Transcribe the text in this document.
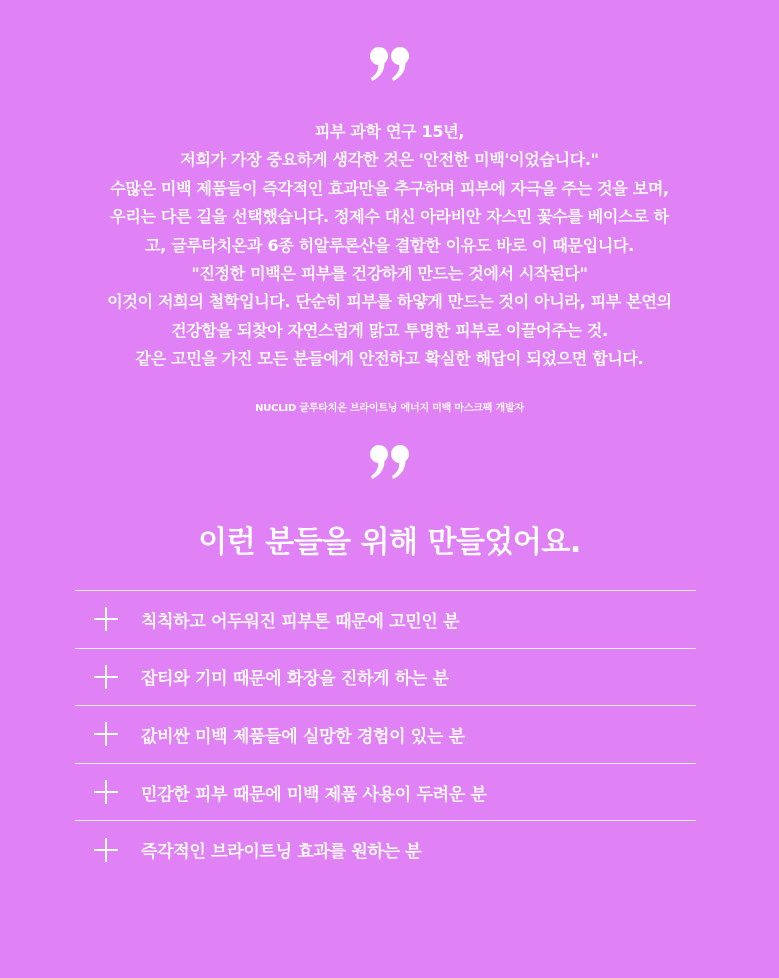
피부 과학 연구 15년,
저희가 가장 중요하게 생각한 것은 '안전한 미백'이었습니다."
수많은 미백 제품들이 즉각적인 효과만을 추구하며 피부에 자극을 주는 것을 보며,
우리는 다른 길을 선택했습니다. 정제수 대신 아라비안 자스민 꽃수를 베이스로 하
고, 글루타치온과 6종 히알루론산을 결합한 이유도 바로 이 때문입니다.
"진정한 미백은 피부를 건강하게 만드는 것에서 시작된다"
이것이 저희의 철학입니다. 단순히 피부를 하얗게 만드는 것이 아니라, 피부 본연의
건강함을 되찾아 자연스럽게 맑고 투명한 피부로 이끌어주는 것.
같은 고민을 가진 모든 분들에게 안전하고 확실한 해답이 되었으면 합니다.
NUCLID 글루타치온 브라이트닝 에너지 미백 마스크팩 개발자
이런 분들을 위해 만들었어요.
칙칙하고 어두워진 피부톤 때문에 고민인 분
잡티와 기미 때문에 화장을 진하게 하는 분
값비싼 미백 제품들에 실망한 경험이 있는 분
민감한 피부 때문에 미백 제품 사용이 두려운 분
즉각적인 브라이트닝 효과를 원하는 분
